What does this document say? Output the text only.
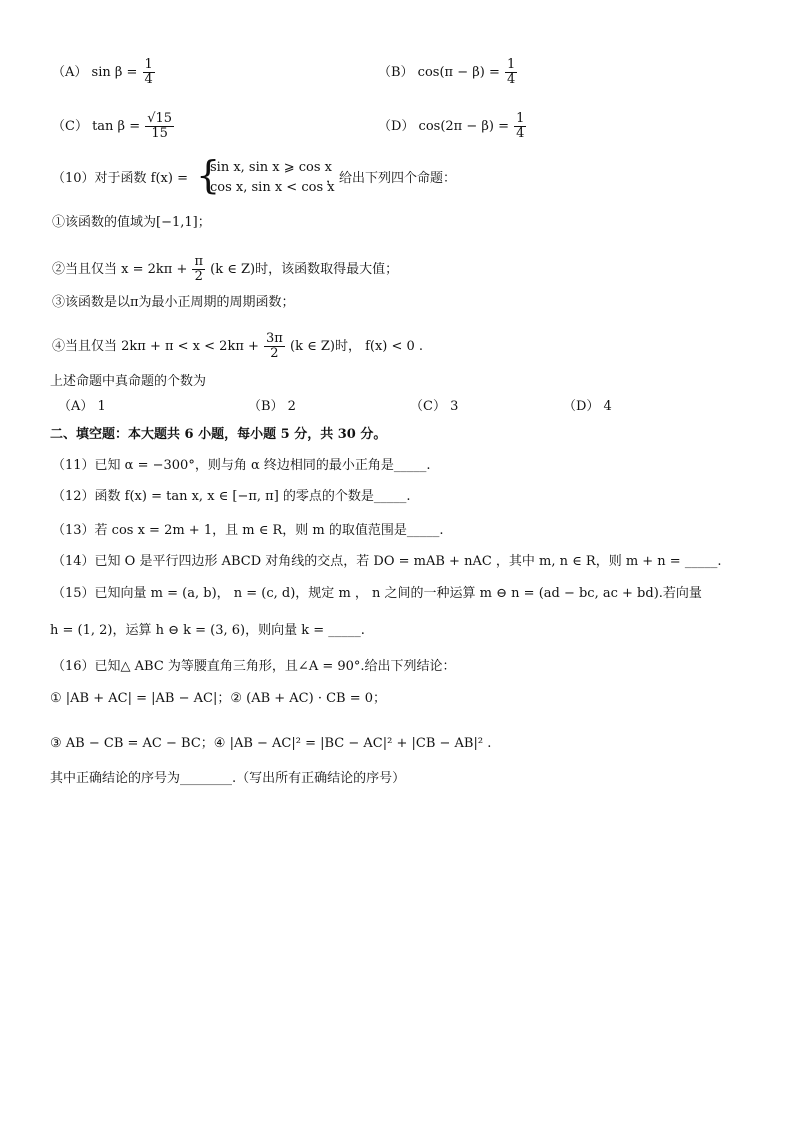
（A） $\sin \beta = \frac{1}{4}$	（B） $\cos(\pi - \beta) = \frac{1}{4}$
（C） $\tan \beta = \frac{√15}{15}$	（D） $\cos(2\pi - \beta) = \frac{1}{4}$
（10）对于函数 f(x) = {
sin x, sin x ⩾ cos x
cos x, sin x < cos x
，给出下列四个命题：
①该函数的值域为[−1,1]；
②当且仅当 $x = 2k\pi + \frac{\pi}{2} (k$ ∈ Z)时，该函数取得最大值；
③该函数是以π为最小正周期的周期函数；
④当且仅当 $2k\pi + \pi < x < 2k\pi + \frac{3\pi}{2} (k$ ∈ Z)时， f(x) < 0 .
上述命题中真命题的个数为
（A） 1	（B） 2	（C） 3	（D） 4
二、填空题：本大题共 6 小题，每小题 5 分，共 30 分。
（11）已知 α = −300°，则与角 α 终边相同的最小正角是_____.
（12）函数 f(x) = tan x, x ∈ [−π, π] 的零点的个数是_____.
（13）若 cos x = 2m + 1，且 m ∈ R，则 m 的取值范围是_____.
（14）已知 O 是平行四边形 ABCD 对角线的交点，若 DO = mAB + nAC ，其中 m, n ∈ R，则 m + n = _____.
（15）已知向量 m = (a, b)， n = (c, d)，规定 m ， n 之间的一种运算 m ⊖ n = (ad − bc, ac + bd).若向量
h = (1, 2)，运算 h ⊖ k = (3, 6)，则向量 k = _____.
（16）已知△ ABC 为等腰直角三角形，且∠A = 90°.给出下列结论：
① |AB + AC| = |AB − AC|；② (AB + AC) · CB = 0；
③ AB − CB = AC − BC；④ |AB − AC|² = |BC − AC|² + |CB − AB|² .
其中正确结论的序号为________.（写出所有正确结论的序号）
